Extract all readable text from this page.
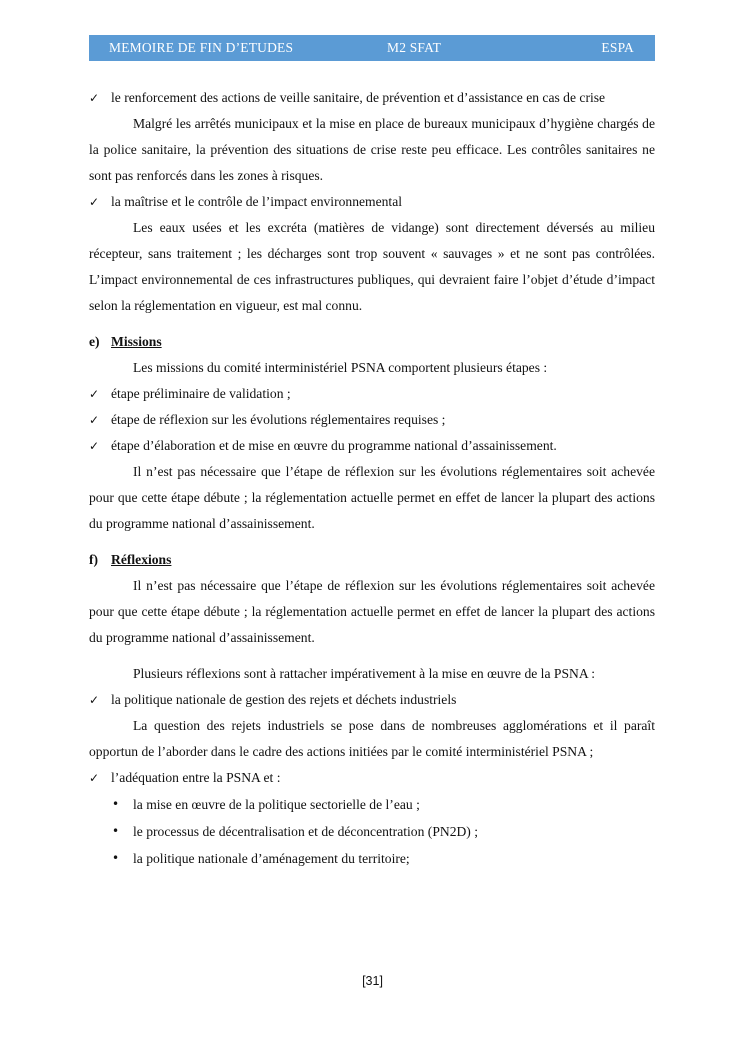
MEMOIRE DE FIN D’ETUDES	M2 SFAT	ESPA
✓ le renforcement des actions de veille sanitaire, de prévention et d’assistance en cas de crise
Malgré les arrêtés municipaux et la mise en place de bureaux municipaux d’hygiène chargés de la police sanitaire, la prévention des situations de crise reste peu efficace. Les contrôles sanitaires ne sont pas renforcés dans les zones à risques.
✓ la maîtrise et le contrôle de l’impact environnemental
Les eaux usées et les excréta (matières de vidange) sont directement déversés au milieu récepteur, sans traitement ; les décharges sont trop souvent « sauvages » et ne sont pas contrôlées. L’impact environnemental de ces infrastructures publiques, qui devraient faire l’objet d’étude d’impact selon la réglementation en vigueur, est mal connu.
e) Missions
Les missions du comité interministériel PSNA comportent plusieurs étapes :
✓ étape préliminaire de validation ;
✓ étape de réflexion sur les évolutions réglementaires requises ;
✓ étape d’élaboration et de mise en œuvre du programme national d’assainissement.
Il n’est pas nécessaire que l’étape de réflexion sur les évolutions réglementaires soit achevée pour que cette étape débute ; la réglementation actuelle permet en effet de lancer la plupart des actions du programme national d’assainissement.
f) Réflexions
Il n’est pas nécessaire que l’étape de réflexion sur les évolutions réglementaires soit achevée pour que cette étape débute ; la réglementation actuelle permet en effet de lancer la plupart des actions du programme national d’assainissement.
Plusieurs réflexions sont à rattacher impérativement à la mise en œuvre de la PSNA :
✓ la politique nationale de gestion des rejets et déchets industriels
La question des rejets industriels se pose dans de nombreuses agglomérations et il paraît opportun de l’aborder dans le cadre des actions initiées par le comité interministériel PSNA ;
✓ l’adéquation entre la PSNA et :
• la mise en œuvre de la politique sectorielle de l’eau ;
• le processus de décentralisation et de déconcentration (PN2D) ;
• la politique nationale d’aménagement du territoire;
[31]
